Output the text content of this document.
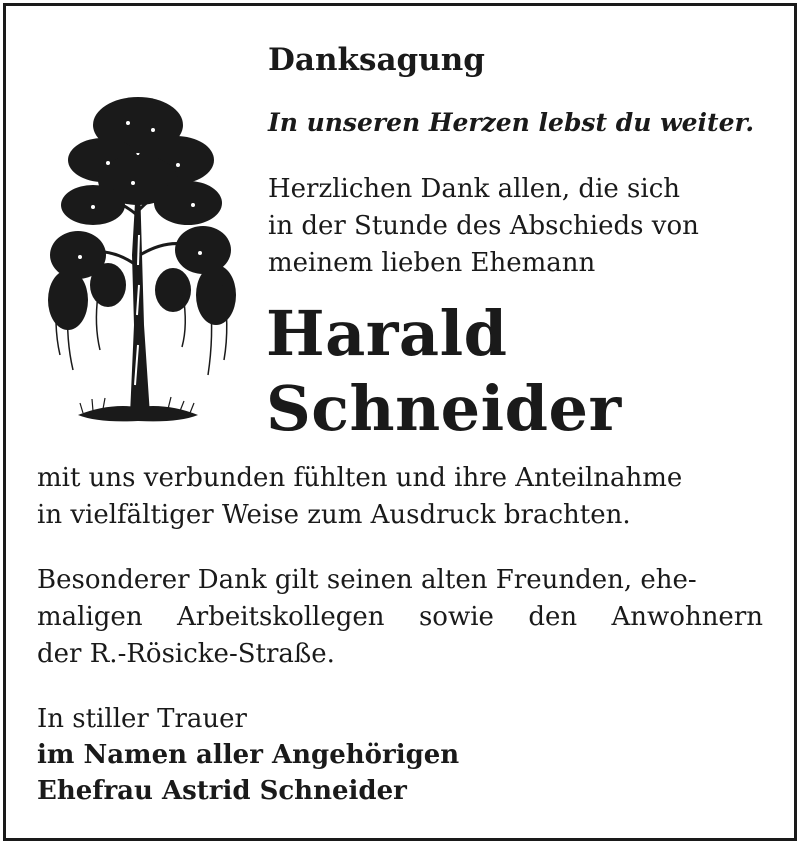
Danksagung
In unseren Herzen lebst du weiter.
Herzlichen Dank allen, die sich
in der Stunde des Abschieds von
meinem lieben Ehemann
Harald
Schneider
mit uns verbunden fühlten und ihre Anteilnahme
in vielfältiger Weise zum Ausdruck brachten.
Besonderer Dank gilt seinen alten Freunden, ehe-
maligen Arbeitskollegen sowie den Anwohnern
der R.-Rösicke-Straße.
In stiller Trauer
im Namen aller Angehörigen
Ehefrau Astrid Schneider
